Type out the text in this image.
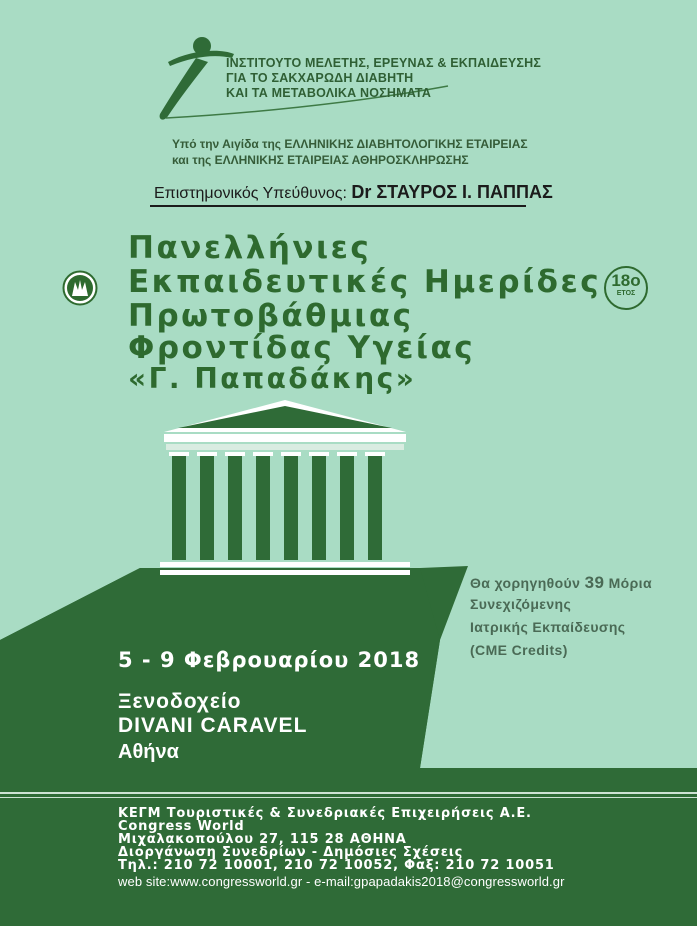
ΙΝΣΤΙΤΟΥΤΟ ΜΕΛΕΤΗΣ, ΕΡΕΥΝΑΣ & ΕΚΠΑΙΔΕΥΣΗΣ
ΓΙΑ ΤΟ ΣΑΚΧΑΡΩΔΗ ΔΙΑΒΗΤΗ
ΚΑΙ ΤΑ ΜΕΤΑΒΟΛΙΚΑ ΝΟΣΗΜΑΤΑ
Υπό την Αιγίδα της ΕΛΛΗΝΙΚΗΣ ΔΙΑΒΗΤΟΛΟΓΙΚΗΣ ΕΤΑΙΡΕΙΑΣ
και της ΕΛΛΗΝΙΚΗΣ ΕΤΑΙΡΕΙΑΣ ΑΘΗΡΟΣΚΛΗΡΩΣΗΣ
Επιστημονικός Υπεύθυνος: Dr ΣΤΑΥΡΟΣ Ι. ΠΑΠΠΑΣ
Πανελλήνιες
Εκπαιδευτικές Ημερίδες
Πρωτοβάθμιας
Φροντίδας Υγείας
«Γ. Παπαδάκης»
18ο
ΕΤΟΣ
Θα χορηγηθούν 39 Μόρια
Συνεχιζόμενης
Ιατρικής Εκπαίδευσης
(CME Credits)
5 - 9 Φεβρουαρίου 2018
Ξενοδοχείο
DIVANI CARAVEL
Αθήνα
ΚΕΓΜ Τουριστικές & Συνεδριακές Επιχειρήσεις Α.Ε.
Congress World
Μιχαλακοπούλου 27, 115 28 ΑΘΗΝΑ
Διοργάνωση Συνεδρίων - Δημόσιες Σχέσεις
Τηλ.: 210 72 10001, 210 72 10052, Φαξ: 210 72 10051
web site:www.congressworld.gr - e-mail:gpapadakis2018@congressworld.gr
